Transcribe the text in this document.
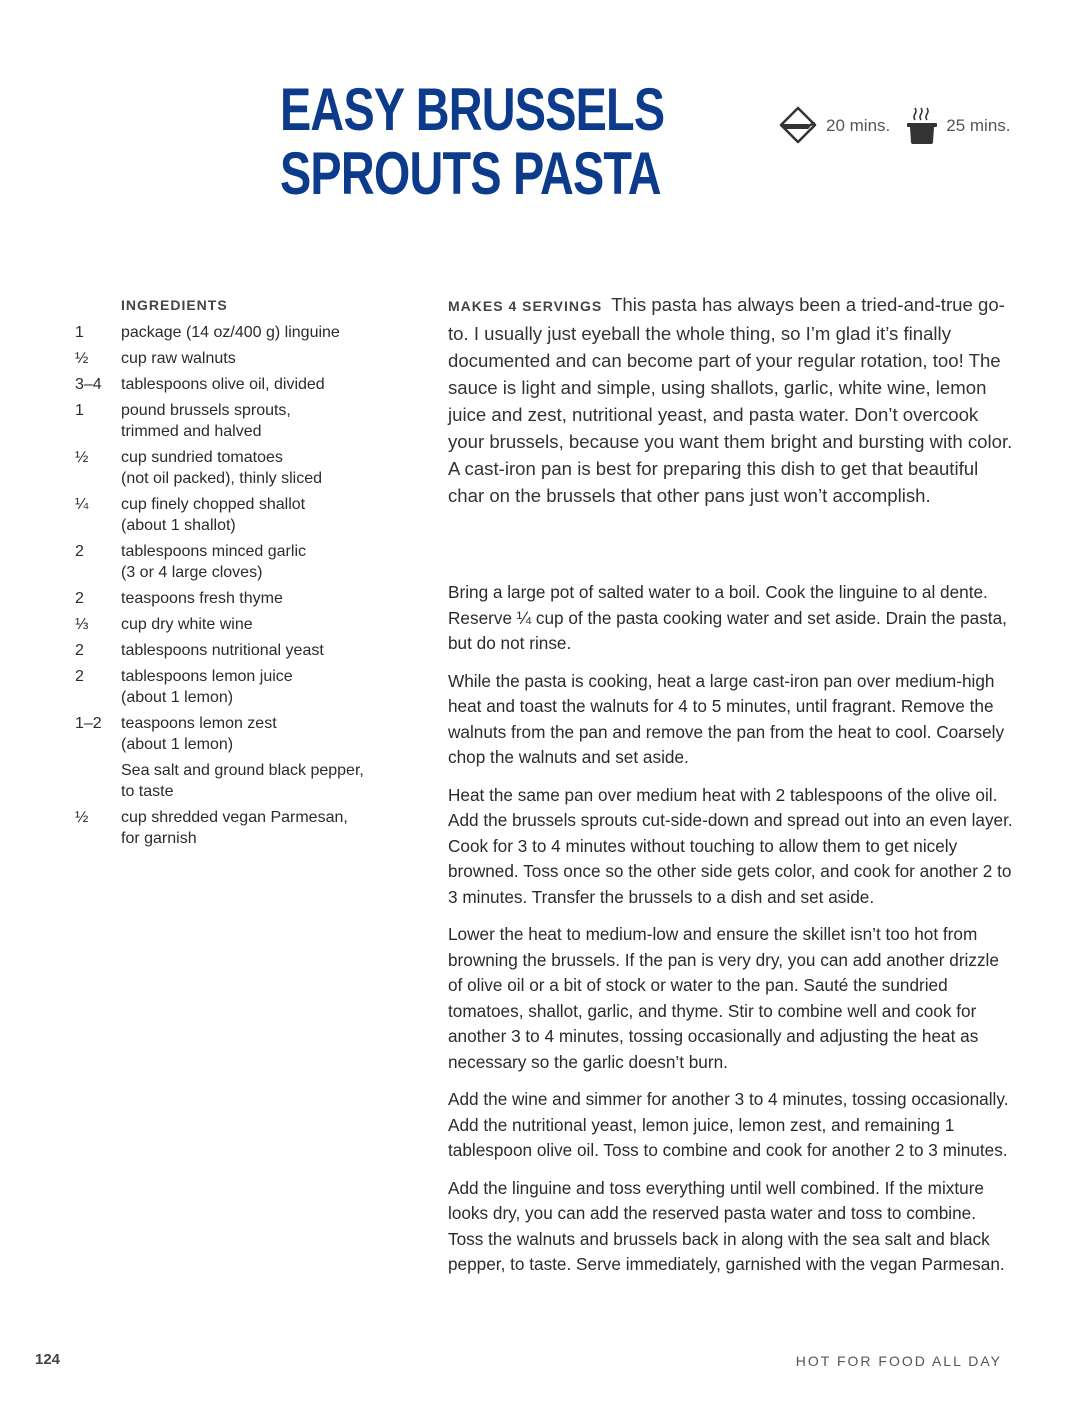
EASY BRUSSELS
SPROUTS PASTA
20 mins.	25 mins.
INGREDIENTS
1	package (14 oz/400 g) linguine
½	cup raw walnuts
3–4	tablespoons olive oil, divided
1	pound brussels sprouts,
trimmed and halved
½	cup sundried tomatoes
(not oil packed), thinly sliced
¼	cup finely chopped shallot
(about 1 shallot)
2	tablespoons minced garlic
(3 or 4 large cloves)
2	teaspoons fresh thyme
⅓	cup dry white wine
2	tablespoons nutritional yeast
2	tablespoons lemon juice
(about 1 lemon)
1–2	teaspoons lemon zest
(about 1 lemon)
Sea salt and ground black pepper,
to taste
½	cup shredded vegan Parmesan,
for garnish
MAKES 4 SERVINGS This pasta has always been a tried-and-true go-to. I usually just eyeball the whole thing, so I’m glad it’s finally documented and can become part of your regular rotation, too! The sauce is light and simple, using shallots, garlic, white wine, lemon juice and zest, nutritional yeast, and pasta water. Don’t overcook your brussels, because you want them bright and bursting with color. A cast-iron pan is best for preparing this dish to get that beautiful char on the brussels that other pans just won’t accomplish.

Bring a large pot of salted water to a boil. Cook the linguine to al dente. Reserve ¼ cup of the pasta cooking water and set aside. Drain the pasta, but do not rinse.

While the pasta is cooking, heat a large cast-iron pan over medium-high heat and toast the walnuts for 4 to 5 minutes, until fragrant. Remove the walnuts from the pan and remove the pan from the heat to cool. Coarsely chop the walnuts and set aside.

Heat the same pan over medium heat with 2 tablespoons of the olive oil. Add the brussels sprouts cut-side-down and spread out into an even layer. Cook for 3 to 4 minutes without touching to allow them to get nicely browned. Toss once so the other side gets color, and cook for another 2 to 3 minutes. Transfer the brussels to a dish and set aside.

Lower the heat to medium-low and ensure the skillet isn’t too hot from browning the brussels. If the pan is very dry, you can add another drizzle of olive oil or a bit of stock or water to the pan. Sauté the sundried tomatoes, shallot, garlic, and thyme. Stir to combine well and cook for another 3 to 4 minutes, tossing occasionally and adjusting the heat as necessary so the garlic doesn’t burn.

Add the wine and simmer for another 3 to 4 minutes, tossing occasionally. Add the nutritional yeast, lemon juice, lemon zest, and remaining 1 tablespoon olive oil. Toss to combine and cook for another 2 to 3 minutes.

Add the linguine and toss everything until well combined. If the mixture looks dry, you can add the reserved pasta water and toss to combine. Toss the walnuts and brussels back in along with the sea salt and black pepper, to taste. Serve immediately, garnished with the vegan Parmesan.

124	HOT FOR FOOD ALL DAY
